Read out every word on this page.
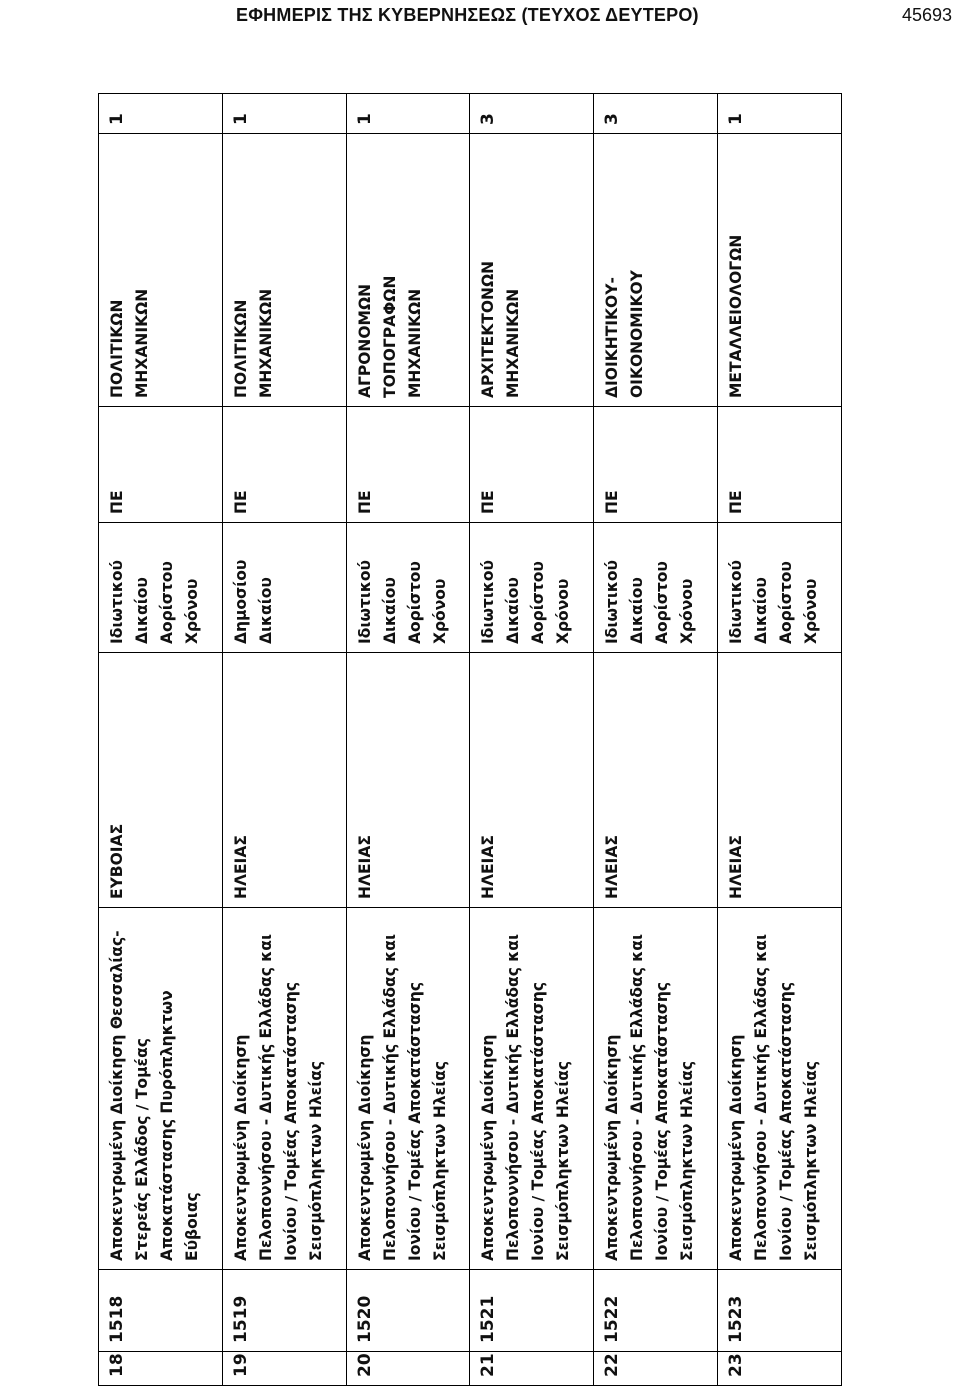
ΕΦΗΜΕΡΙΣ ΤΗΣ ΚΥΒΕΡΝΗΣΕΩΣ (ΤΕΥΧΟΣ ΔΕΥΤΕΡΟ)	45693
18	1518	Αποκεντρωμένη Διοίκηση Θεσσαλίας- Στερεάς Ελλάδος / Τομέας Αποκατάστασης Πυρόπληκτων Εύβοιας	ΕΥΒΟΙΑΣ	Ιδιωτικού Δικαίου Αορίστου Χρόνου	ΠΕ	ΠΟΛΙΤΙΚΩΝ ΜΗΧΑΝΙΚΩΝ	1
19	1519	Αποκεντρωμένη Διοίκηση Πελοποννήσου - Δυτικής Ελλάδας και Ιονίου / Τομέας Αποκατάστασης Σεισμόπληκτων Ηλείας	ΗΛΕΙΑΣ	Δημοσίου Δικαίου	ΠΕ	ΠΟΛΙΤΙΚΩΝ ΜΗΧΑΝΙΚΩΝ	1
20	1520	Αποκεντρωμένη Διοίκηση Πελοποννήσου - Δυτικής Ελλάδας και Ιονίου / Τομέας Αποκατάστασης Σεισμόπληκτων Ηλείας	ΗΛΕΙΑΣ	Ιδιωτικού Δικαίου Αορίστου Χρόνου	ΠΕ	ΑΓΡΟΝΟΜΩΝ ΤΟΠΟΓΡΑΦΩΝ ΜΗΧΑΝΙΚΩΝ	1
21	1521	Αποκεντρωμένη Διοίκηση Πελοποννήσου - Δυτικής Ελλάδας και Ιονίου / Τομέας Αποκατάστασης Σεισμόπληκτων Ηλείας	ΗΛΕΙΑΣ	Ιδιωτικού Δικαίου Αορίστου Χρόνου	ΠΕ	ΑΡΧΙΤΕΚΤΟΝΩΝ ΜΗΧΑΝΙΚΩΝ	3
22	1522	Αποκεντρωμένη Διοίκηση Πελοποννήσου - Δυτικής Ελλάδας και Ιονίου / Τομέας Αποκατάστασης Σεισμόπληκτων Ηλείας	ΗΛΕΙΑΣ	Ιδιωτικού Δικαίου Αορίστου Χρόνου	ΠΕ	ΔΙΟΙΚΗΤΙΚΟΥ- ΟΙΚΟΝΟΜΙΚΟΥ	3
23	1523	Αποκεντρωμένη Διοίκηση Πελοποννήσου - Δυτικής Ελλάδας και Ιονίου / Τομέας Αποκατάστασης Σεισμόπληκτων Ηλείας	ΗΛΕΙΑΣ	Ιδιωτικού Δικαίου Αορίστου Χρόνου	ΠΕ	ΜΕΤΑΛΛΕΙΟΛΟΓΩΝ	1
